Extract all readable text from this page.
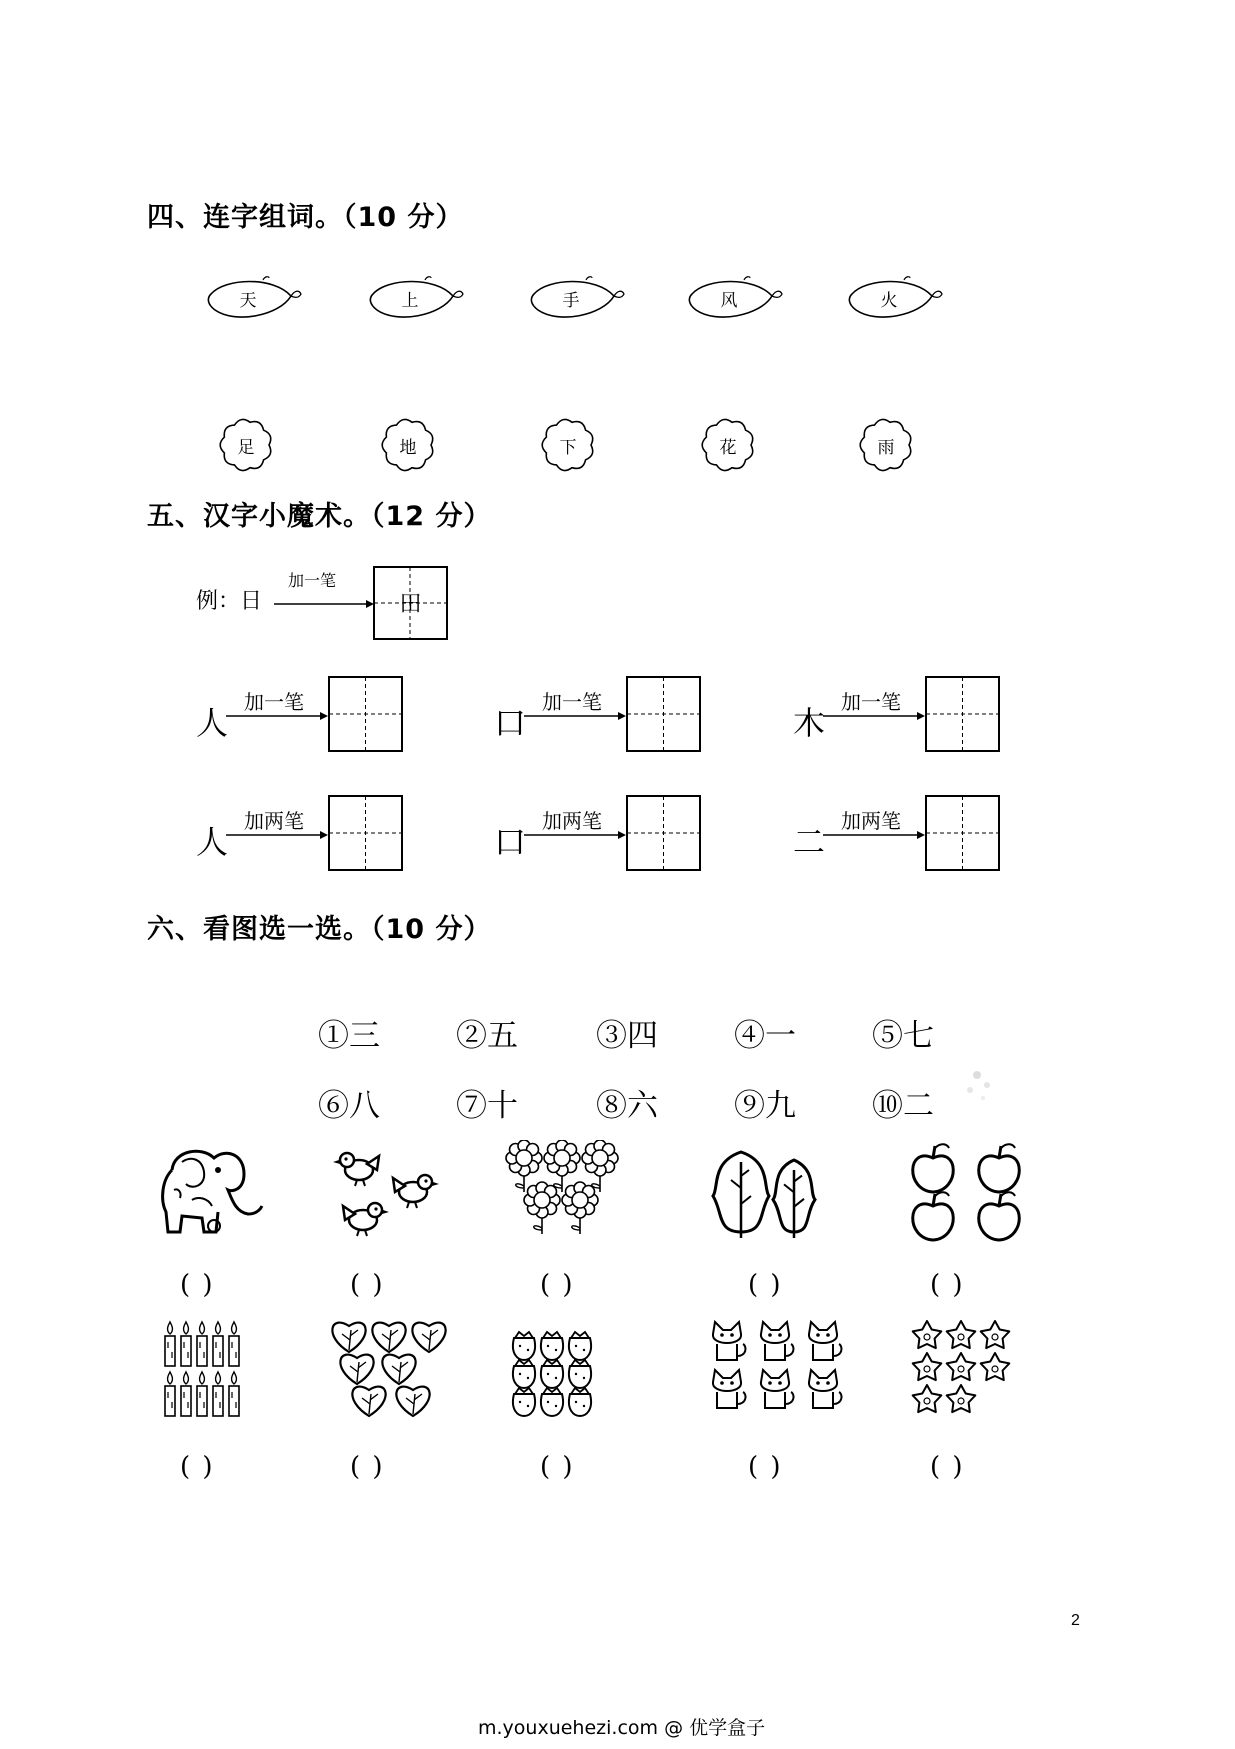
四、连字组词。（10 分）
天	上	手	风	火
足	地	下	花	雨
五、汉字小魔术。（12 分）
例：日
加一笔
田
人
加一笔
口
加一笔
木
加一笔
人
加两笔
口
加两笔
二
加两笔
六、看图选一选。（10 分）
①三 ②五	③四 ④一 ⑤七
⑥八 ⑦十	⑧六 ⑨九 ⑩二
( )	( )	( )	( )	( )
( )	( )	( )	( )	( )
2
m.youxuehezi.com @ 优学盒子
